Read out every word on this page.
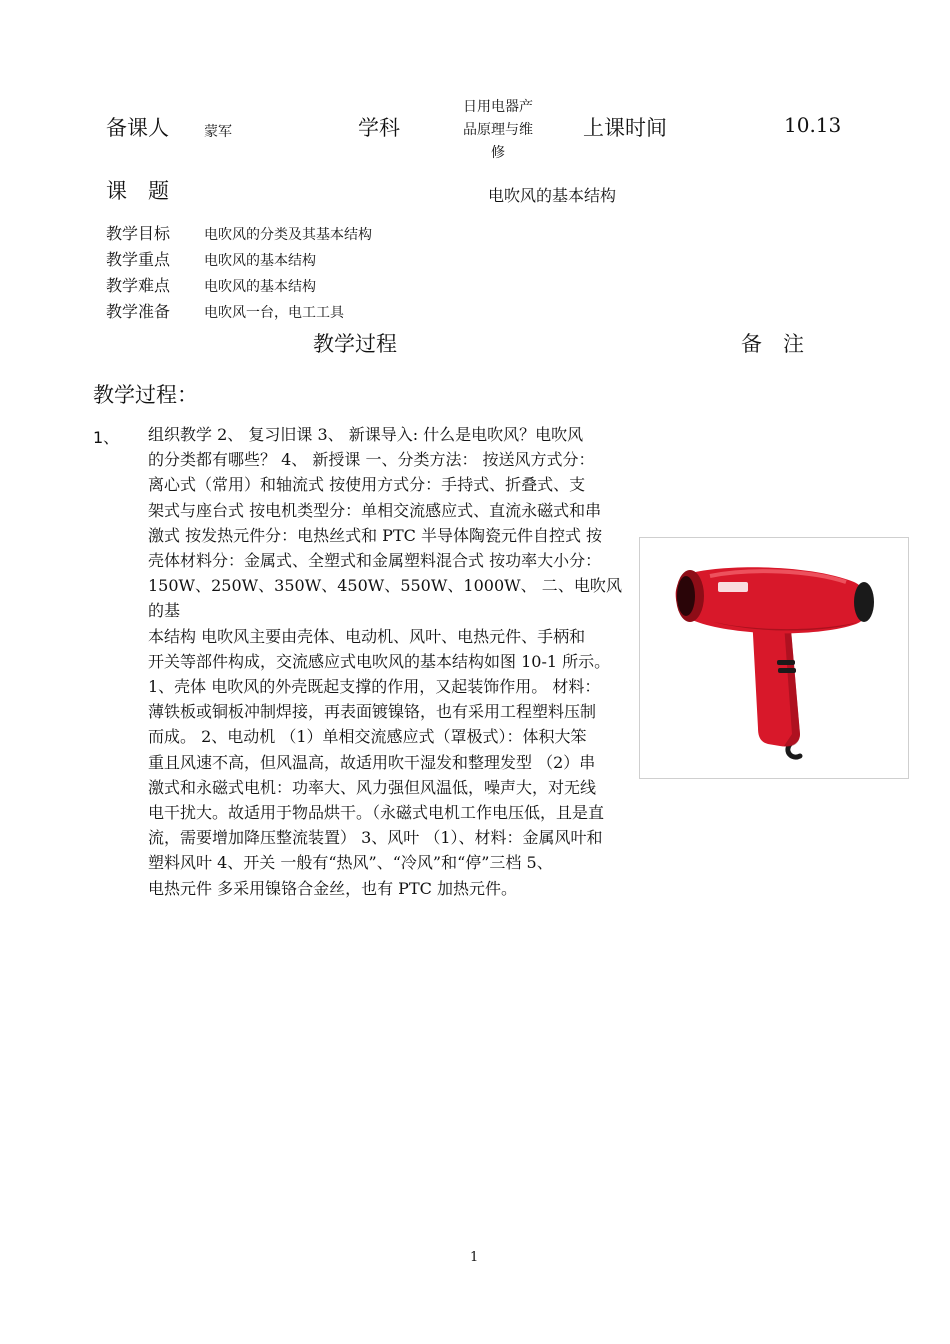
备课人	蒙军	学科
日用电器产
品原理与维
修
上课时间	10.13
课　题	电吹风的基本结构
教学目标 电吹风的分类及其基本结构
教学重点 电吹风的基本结构
教学难点 电吹风的基本结构
教学准备 电吹风一台，电工工具
教学过程	备　注
教学过程：
1、 组织教学 2、 复习旧课 3、 新课导入: 什么是电吹风？电吹风
的分类都有哪些？ 4、 新授课 一、分类方法： 按送风方式分：
离心式（常用）和轴流式 按使用方式分：手持式、折叠式、支
架式与座台式 按电机类型分：单相交流感应式、直流永磁式和串
激式 按发热元件分：电热丝式和 PTC 半导体陶瓷元件自控式 按
壳体材料分：金属式、全塑式和金属塑料混合式 按功率大小分：
150W、250W、350W、450W、550W、1000W、 二、电吹风的基
本结构 电吹风主要由壳体、电动机、风叶、电热元件、手柄和
开关等部件构成，交流感应式电吹风的基本结构如图 10-1 所示。
1、壳体 电吹风的外壳既起支撑的作用，又起装饰作用。 材料：
薄铁板或铜板冲制焊接，再表面镀镍铬，也有采用工程塑料压制
而成。 2、电动机 （1）单相交流感应式（罩极式）：体积大笨
重且风速不高，但风温高，故适用吹干湿发和整理发型 （2）串
激式和永磁式电机：功率大、风力强但风温低，噪声大，对无线
电干扰大。故适用于物品烘干。（永磁式电机工作电压低，且是直
流，需要增加降压整流装置） 3、风叶 （1）、材料：金属风叶和
塑料风叶 4、开关 一般有“热风”、“冷风”和“停”三档 5、
电热元件 多采用镍铬合金丝，也有 PTC 加热元件。
1
